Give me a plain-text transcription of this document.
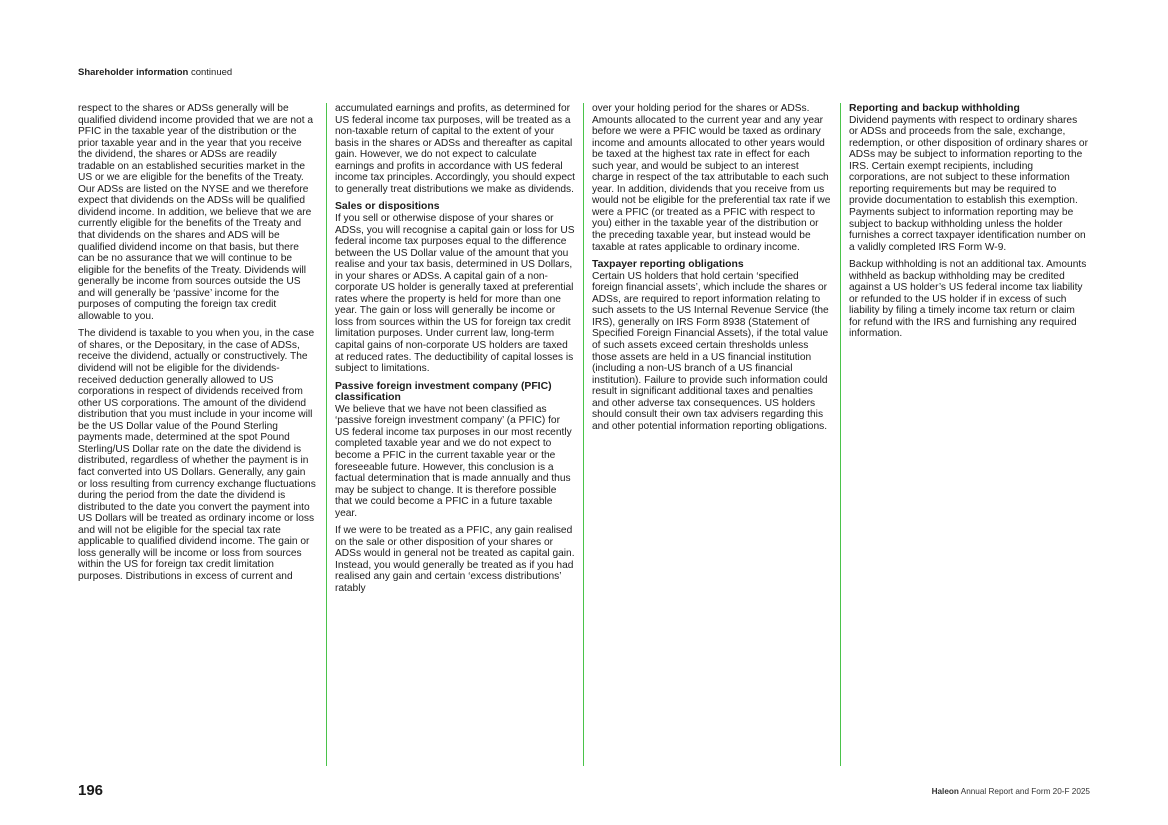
Shareholder information continued

respect to the shares or ADSs generally will be qualified dividend income provided that we are not a PFIC in the taxable year of the distribution or the prior taxable year and in the year that you receive the dividend, the shares or ADSs are readily tradable on an established securities market in the US or we are eligible for the benefits of the Treaty. Our ADSs are listed on the NYSE and we therefore expect that dividends on the ADSs will be qualified dividend income. In addition, we believe that we are currently eligible for the benefits of the Treaty and that dividends on the shares and ADS will be qualified dividend income on that basis, but there can be no assurance that we will continue to be eligible for the benefits of the Treaty. Dividends will generally be income from sources outside the US and will generally be ‘passive’ income for the purposes of computing the foreign tax credit allowable to you.

The dividend is taxable to you when you, in the case of shares, or the Depositary, in the case of ADSs, receive the dividend, actually or constructively. The dividend will not be eligible for the dividends-received deduction generally allowed to US corporations in respect of dividends received from other US corporations. The amount of the dividend distribution that you must include in your income will be the US Dollar value of the Pound Sterling payments made, determined at the spot Pound Sterling/US Dollar rate on the date the dividend is distributed, regardless of whether the payment is in fact converted into US Dollars. Generally, any gain or loss resulting from currency exchange fluctuations during the period from the date the dividend is distributed to the date you convert the payment into US Dollars will be treated as ordinary income or loss and will not be eligible for the special tax rate applicable to qualified dividend income. The gain or loss generally will be income or loss from sources within the US for foreign tax credit limitation purposes. Distributions in excess of current and

accumulated earnings and profits, as determined for US federal income tax purposes, will be treated as a non-taxable return of capital to the extent of your basis in the shares or ADSs and thereafter as capital gain. However, we do not expect to calculate earnings and profits in accordance with US federal income tax principles. Accordingly, you should expect to generally treat distributions we make as dividends.

Sales or dispositions

If you sell or otherwise dispose of your shares or ADSs, you will recognise a capital gain or loss for US federal income tax purposes equal to the difference between the US Dollar value of the amount that you realise and your tax basis, determined in US Dollars, in your shares or ADSs. A capital gain of a non-corporate US holder is generally taxed at preferential rates where the property is held for more than one year. The gain or loss will generally be income or loss from sources within the US for foreign tax credit limitation purposes. Under current law, long-term capital gains of non-corporate US holders are taxed at reduced rates. The deductibility of capital losses is subject to limitations.

Passive foreign investment company (PFIC) classification

We believe that we have not been classified as ‘passive foreign investment company’ (a PFIC) for US federal income tax purposes in our most recently completed taxable year and we do not expect to become a PFIC in the current taxable year or the foreseeable future. However, this conclusion is a factual determination that is made annually and thus may be subject to change. It is therefore possible that we could become a PFIC in a future taxable year.

If we were to be treated as a PFIC, any gain realised on the sale or other disposition of your shares or ADSs would in general not be treated as capital gain. Instead, you would generally be treated as if you had realised any gain and certain ‘excess distributions’ ratably

over your holding period for the shares or ADSs. Amounts allocated to the current year and any year before we were a PFIC would be taxed as ordinary income and amounts allocated to other years would be taxed at the highest tax rate in effect for each such year, and would be subject to an interest charge in respect of the tax attributable to each such year. In addition, dividends that you receive from us would not be eligible for the preferential tax rate if we were a PFIC (or treated as a PFIC with respect to you) either in the taxable year of the distribution or the preceding taxable year, but instead would be taxable at rates applicable to ordinary income.

Taxpayer reporting obligations

Certain US holders that hold certain ‘specified foreign financial assets’, which include the shares or ADSs, are required to report information relating to such assets to the US Internal Revenue Service (the IRS), generally on IRS Form 8938 (Statement of Specified Foreign Financial Assets), if the total value of such assets exceed certain thresholds unless those assets are held in a US financial institution (including a non-US branch of a US financial institution). Failure to provide such information could result in significant additional taxes and penalties and other adverse tax consequences. US holders should consult their own tax advisers regarding this and other potential information reporting obligations.

Reporting and backup withholding

Dividend payments with respect to ordinary shares or ADSs and proceeds from the sale, exchange, redemption, or other disposition of ordinary shares or ADSs may be subject to information reporting to the IRS. Certain exempt recipients, including corporations, are not subject to these information reporting requirements but may be required to provide documentation to establish this exemption. Payments subject to information reporting may be subject to backup withholding unless the holder furnishes a correct taxpayer identification number on a validly completed IRS Form W-9.

Backup withholding is not an additional tax. Amounts withheld as backup withholding may be credited against a US holder’s US federal income tax liability or refunded to the US holder if in excess of such liability by filing a timely income tax return or claim for refund with the IRS and furnishing any required information.

196	Haleon Annual Report and Form 20-F 2025
